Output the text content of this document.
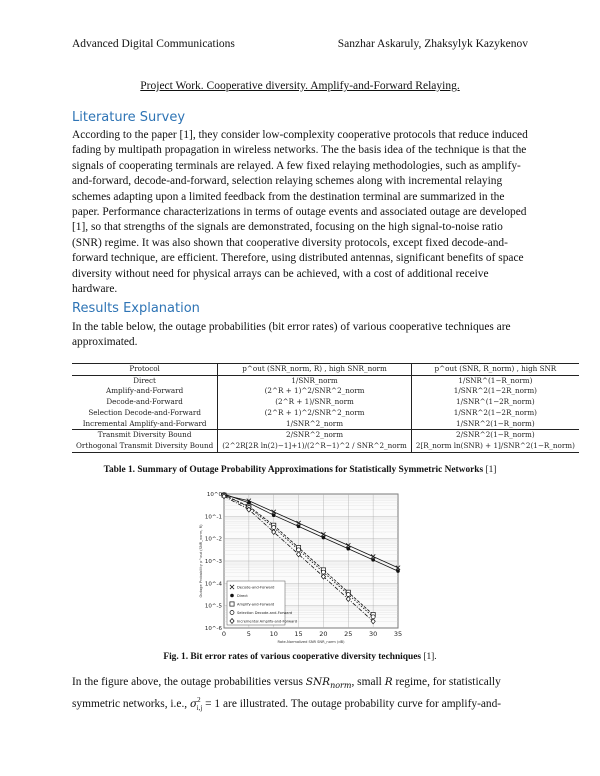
Advanced Digital Communications	Sanzhar Askaruly, Zhaksylyk Kazykenov
Project Work. Cooperative diversity. Amplify-and-Forward Relaying.
Literature Survey

According to the paper [1], they consider low-complexity cooperative protocols that reduce induced fading by multipath propagation in wireless networks. The the basis idea of the technique is that the signals of cooperating terminals are relayed. A few fixed relaying methodologies, such as amplify-and-forward, decode-and-forward, selection relaying schemes along with incremental relaying schemes adapting upon a limited feedback from the destination terminal are summarized in the paper. Performance characterizations in terms of outage events and associated outage are developed [1], so that strengths of the signals are demonstrated, focusing on the high signal-to-noise ratio (SNR) regime. It was also shown that cooperative diversity protocols, except fixed decode-and-forward technique, are efficient. Therefore, using distributed antennas, significant benefits of space diversity without need for physical arrays can be achieved, with a cost of additional receive hardware.

Results Explanation

In the table below, the outage probabilities (bit error rates) of various cooperative techniques are approximated.

Protocol	p^out (SNR_norm, R) , high SNR_norm	p^out (SNR, R_norm) , high SNR
Direct	1/SNR_norm	1/SNR^(1−R_norm)
Amplify-and-Forward	(2^R + 1)^2/SNR^2_norm	1/SNR^2(1−2R_norm)
Decode-and-Forward	(2^R + 1)/SNR_norm	1/SNR^(1−2R_norm)
Selection Decode-and-Forward	(2^R + 1)^2/SNR^2_norm	1/SNR^2(1−2R_norm)
Incremental Amplify-and-Forward	1/SNR^2_norm	1/SNR^2(1−R_norm)
Transmit Diversity Bound	2/SNR^2_norm	2/SNR^2(1−R_norm)
Orthogonal Transmit Diversity Bound	(2^2R[2R ln(2)−1]+1)/(2^R−1)^2 / SNR^2_norm	2[R_norm ln(SNR) + 1]/SNR^2(1−R_norm)
Table 1. Summary of Outage Probability Approximations for Statistically Symmetric Networks [1]
0	5	10	15	20	25	30	35
10^0
10^-1
10^-2
10^-3
10^-4
10^-5
10^-6
Rate-Normalized SNR SNR_norm (dB)
Outage Probability p^out (SNR_norm, R)	Decode-and-Forward
Direct
Amplify-and-Forward
Selection Decode-and-Forward
Incremental Amplify-and-Forward
Fig. 1. Bit error rates of various cooperative diversity techniques [1].
In the figure above, the outage probabilities versus $SNR_{norm}$, small R regime, for statistically
symmetric networks, i.e., $\sigma^2_{i,j} = 1$ are illustrated. The outage probability curve for amplify-and-
